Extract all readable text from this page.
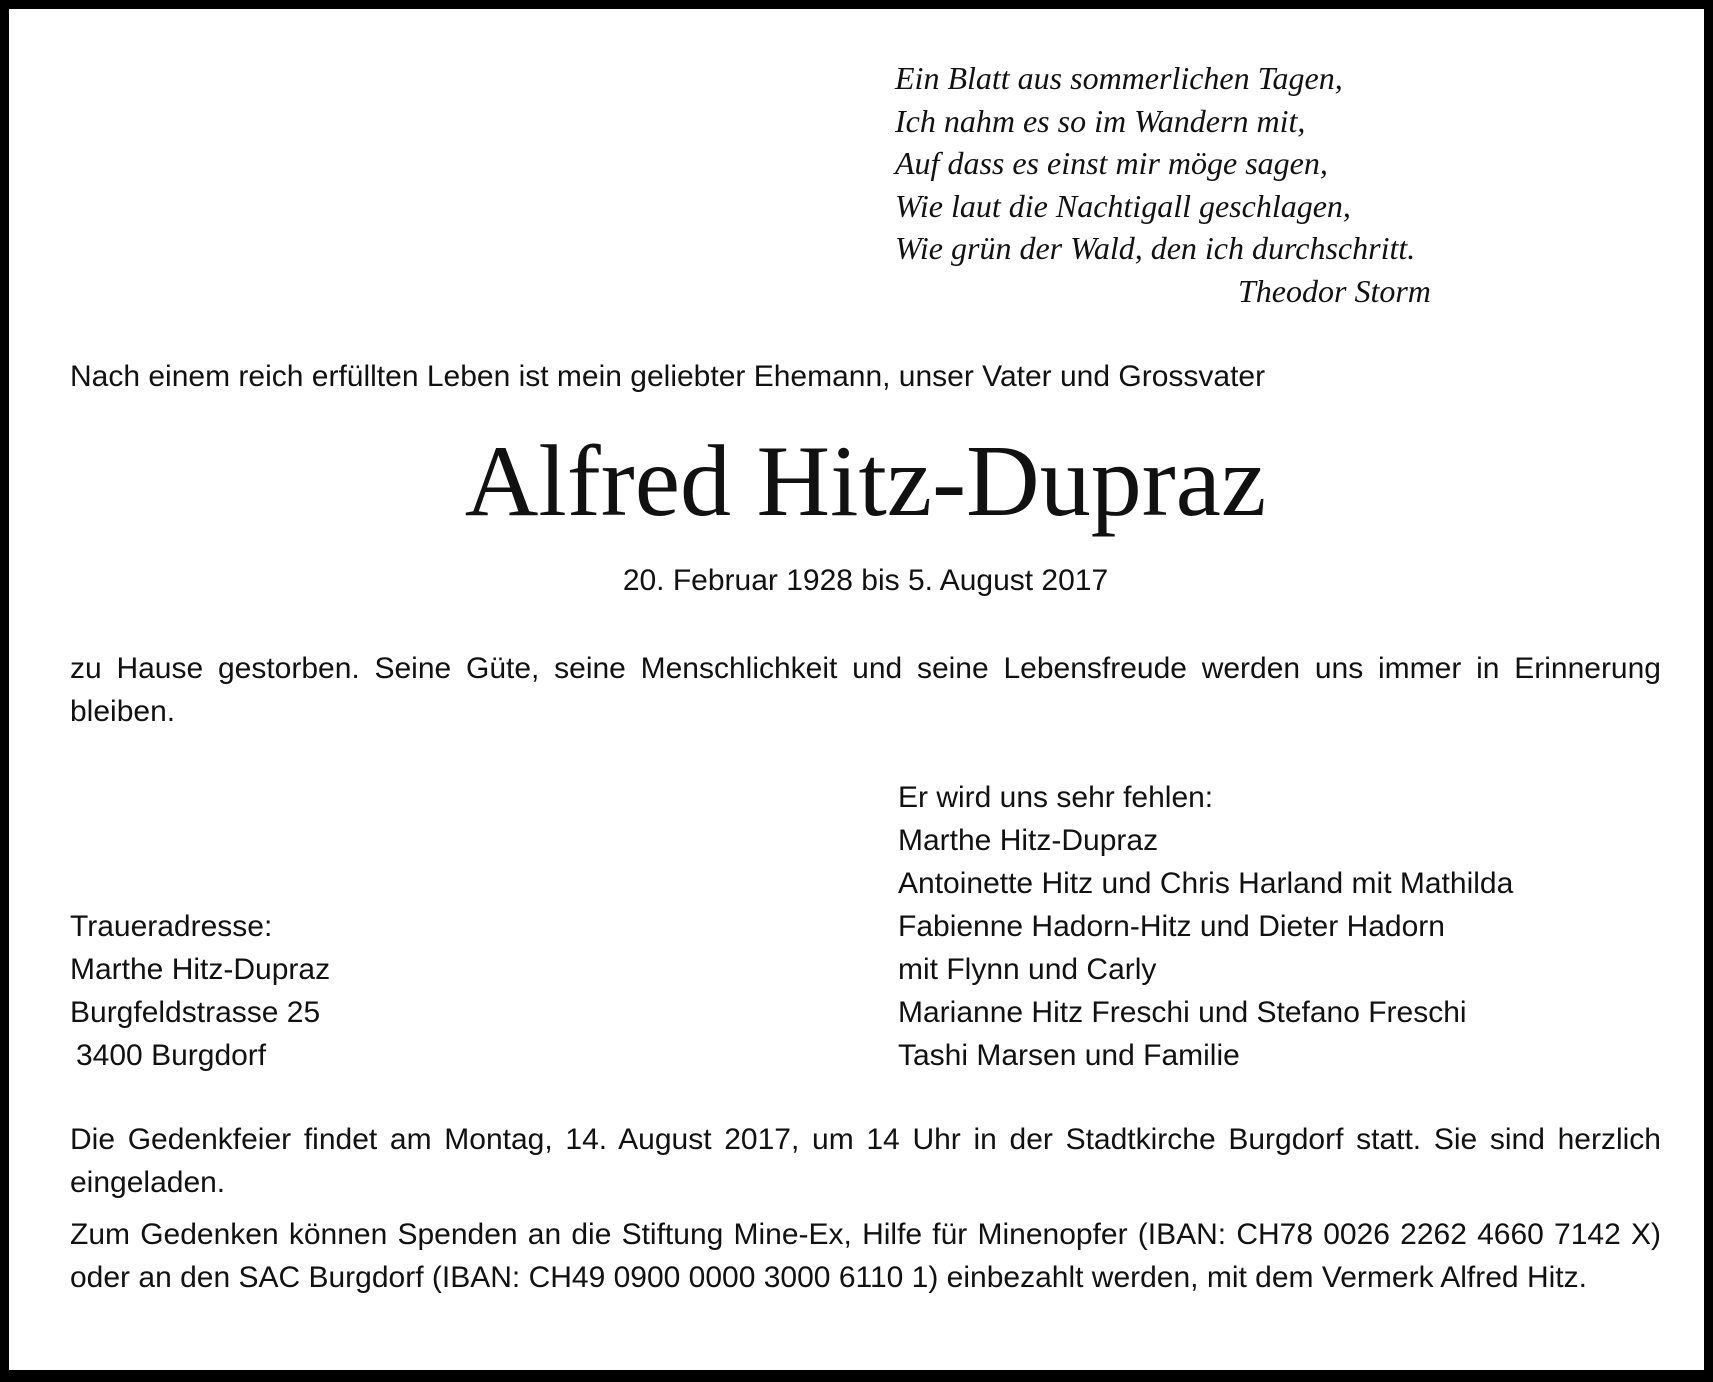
Ein Blatt aus sommerlichen Tagen,
Ich nahm es so im Wandern mit,
Auf dass es einst mir möge sagen,
Wie laut die Nachtigall geschlagen,
Wie grün der Wald, den ich durchschritt.
Theodor Storm
Nach einem reich erfüllten Leben ist mein geliebter Ehemann, unser Vater und Grossvater
Alfred Hitz-Dupraz
20. Februar 1928 bis 5. August 2017
zu Hause gestorben. Seine Güte, seine Menschlichkeit und seine Lebensfreude werden uns immer in Erinnerung bleiben.
Er wird uns sehr fehlen:
Marthe Hitz-Dupraz
Antoinette Hitz und Chris Harland mit Mathilda
Fabienne Hadorn-Hitz und Dieter Hadorn
mit Flynn und Carly
Marianne Hitz Freschi und Stefano Freschi
Tashi Marsen und Familie
Traueradresse:
Marthe Hitz-Dupraz
Burgfeldstrasse 25
3400 Burgdorf
Die Gedenkfeier findet am Montag, 14. August 2017, um 14 Uhr in der Stadtkirche Burgdorf statt. Sie sind herzlich eingeladen.
Zum Gedenken können Spenden an die Stiftung Mine-Ex, Hilfe für Minenopfer (IBAN: CH78 0026 2262 4660 7142 X) oder an den SAC Burgdorf (IBAN: CH49 0900 0000 3000 6110 1) einbezahlt werden, mit dem Vermerk Alfred Hitz.
